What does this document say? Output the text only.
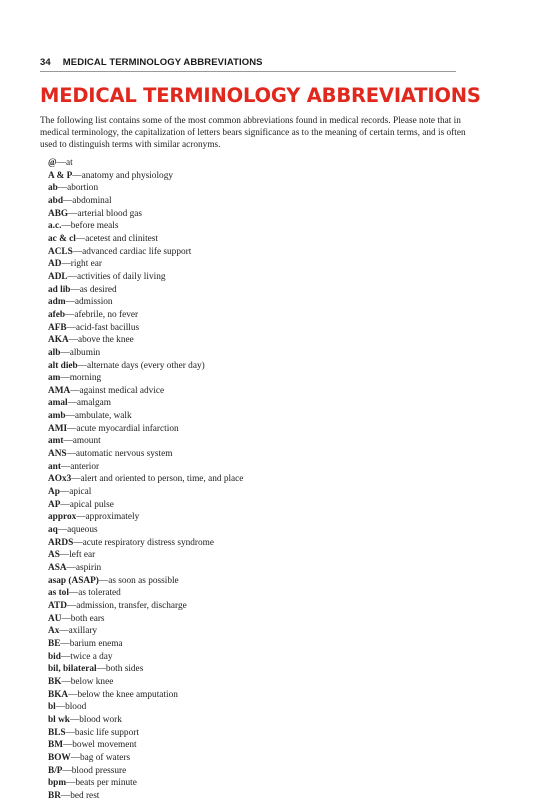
34 MEDICAL TERMINOLOGY ABBREVIATIONS
MEDICAL TERMINOLOGY ABBREVIATIONS

The following list contains some of the most common abbreviations found in medical records. Please note that in
medical terminology, the capitalization of letters bears significance as to the meaning of certain terms, and is often
used to distinguish terms with similar acronyms.

@—at
A & P—anatomy and physiology
ab—abortion
abd—abdominal
ABG—arterial blood gas
a.c.—before meals
ac & cl—acetest and clinitest
ACLS—advanced cardiac life support
AD—right ear
ADL—activities of daily living
ad lib—as desired
adm—admission
afeb—afebrile, no fever
AFB—acid-fast bacillus
AKA—above the knee
alb—albumin
alt dieb—alternate days (every other day)
am—morning
AMA—against medical advice
amal—amalgam
amb—ambulate, walk
AMI—acute myocardial infarction
amt—amount
ANS—automatic nervous system
ant—anterior
AOx3—alert and oriented to person, time, and place
Ap—apical
AP—apical pulse
approx—approximately
aq—aqueous
ARDS—acute respiratory distress syndrome
AS—left ear
ASA—aspirin
asap (ASAP)—as soon as possible
as tol—as tolerated
ATD—admission, transfer, discharge
AU—both ears
Ax—axillary
BE—barium enema
bid—twice a day
bil, bilateral—both sides
BK—below knee
BKA—below the knee amputation
bl—blood
bl wk—blood work
BLS—basic life support
BM—bowel movement
BOW—bag of waters
B/P—blood pressure
bpm—beats per minute
BR—bed rest
